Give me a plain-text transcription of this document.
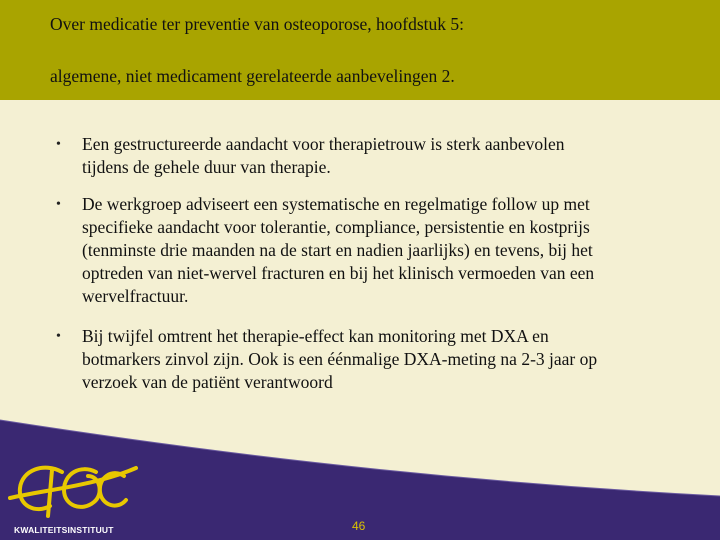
Over medicatie ter preventie van osteoporose, hoofdstuk 5:
algemene, niet medicament gerelateerde aanbevelingen 2.
• Een gestructureerde aandacht voor therapietrouw is sterk aanbevolen
tijdens de gehele duur van therapie.
• De werkgroep adviseert een systematische en regelmatige follow up met
specifieke aandacht voor tolerantie, compliance, persistentie en kostprijs
(tenminste drie maanden na de start en nadien jaarlijks) en tevens, bij het
optreden van niet-wervel fracturen en bij het klinisch vermoeden van een
wervelfractuur.
• Bij twijfel omtrent het therapie-effect kan monitoring met DXA en
botmarkers zinvol zijn. Ook is een éénmalige DXA-meting na 2-3 jaar op
verzoek van de patiënt verantwoord
KWALITEITSINSTITUUT	46
